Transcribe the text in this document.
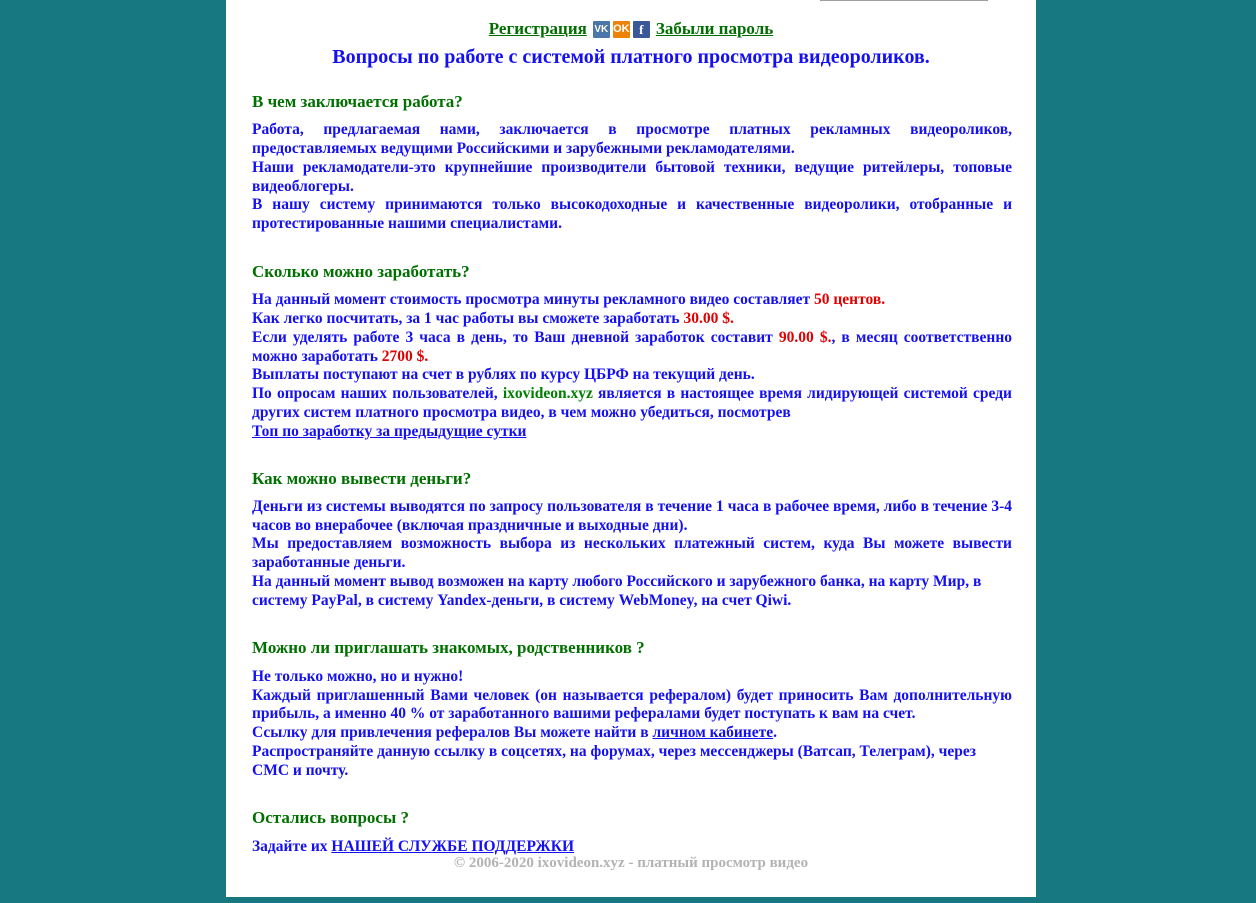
Регистрация VK OK f Забыли пароль
Вопросы по работе с системой платного просмотра видеороликов.
В чем заключается работа?

Работа, предлагаемая нами, заключается в просмотре платных рекламных видеороликов, предоставляемых ведущими Российскими и зарубежными рекламодателями.

Наши рекламодатели-это крупнейшие производители бытовой техники, ведущие ритейлеры, топовые видеоблогеры.

В нашу систему принимаются только высокодоходные и качественные видеоролики, отобранные и протестированные нашими специалистами.

Сколько можно заработать?

На данный момент стоимость просмотра минуты рекламного видео составляет 50 центов.

Как легко посчитать, за 1 час работы вы сможете заработать 30.00 $.

Если уделять работе 3 часа в день, то Ваш дневной заработок составит 90.00 $., в месяц соответственно можно заработать 2700 $.

Выплаты поступают на счет в рублях по курсу ЦБРФ на текущий день.

По опросам наших пользователей, ixovideon.xyz является в настоящее время лидирующей системой среди других систем платного просмотра видео, в чем можно убедиться, посмотрев

Топ по заработку за предыдущие сутки
Как можно вывести деньги?

Деньги из системы выводятся по запросу пользователя в течение 1 часа в рабочее время, либо в течение 3-4 часов во внерабочее (включая праздничные и выходные дни).

Мы предоставляем возможность выбора из нескольких платежный систем, куда Вы можете вывести заработанные деньги.

На данный момент вывод возможен на карту любого Российского и зарубежного банка, на карту Мир, в систему PayPal, в систему Yandex-деньги, в систему WebMoney, на счет Qiwi.

Можно ли приглашать знакомых, родственников ?

Не только можно, но и нужно!

Каждый приглашенный Вами человек (он называется рефералом) будет приносить Вам дополнительную прибыль, а именно 40 % от заработанного вашими рефералами будет поступать к вам на счет.

Ссылку для привлечения рефералов Вы можете найти в личном кабинете.

Распространяйте данную ссылку в соцсетях, на форумах, через мессенджеры (Ватсап, Телеграм), через СМС и почту.

Остались вопросы ?

Задайте их НАШЕЙ СЛУЖБЕ ПОДДЕРЖКИ

© 2006-2020 ixovideon.xyz - платный просмотр видео
